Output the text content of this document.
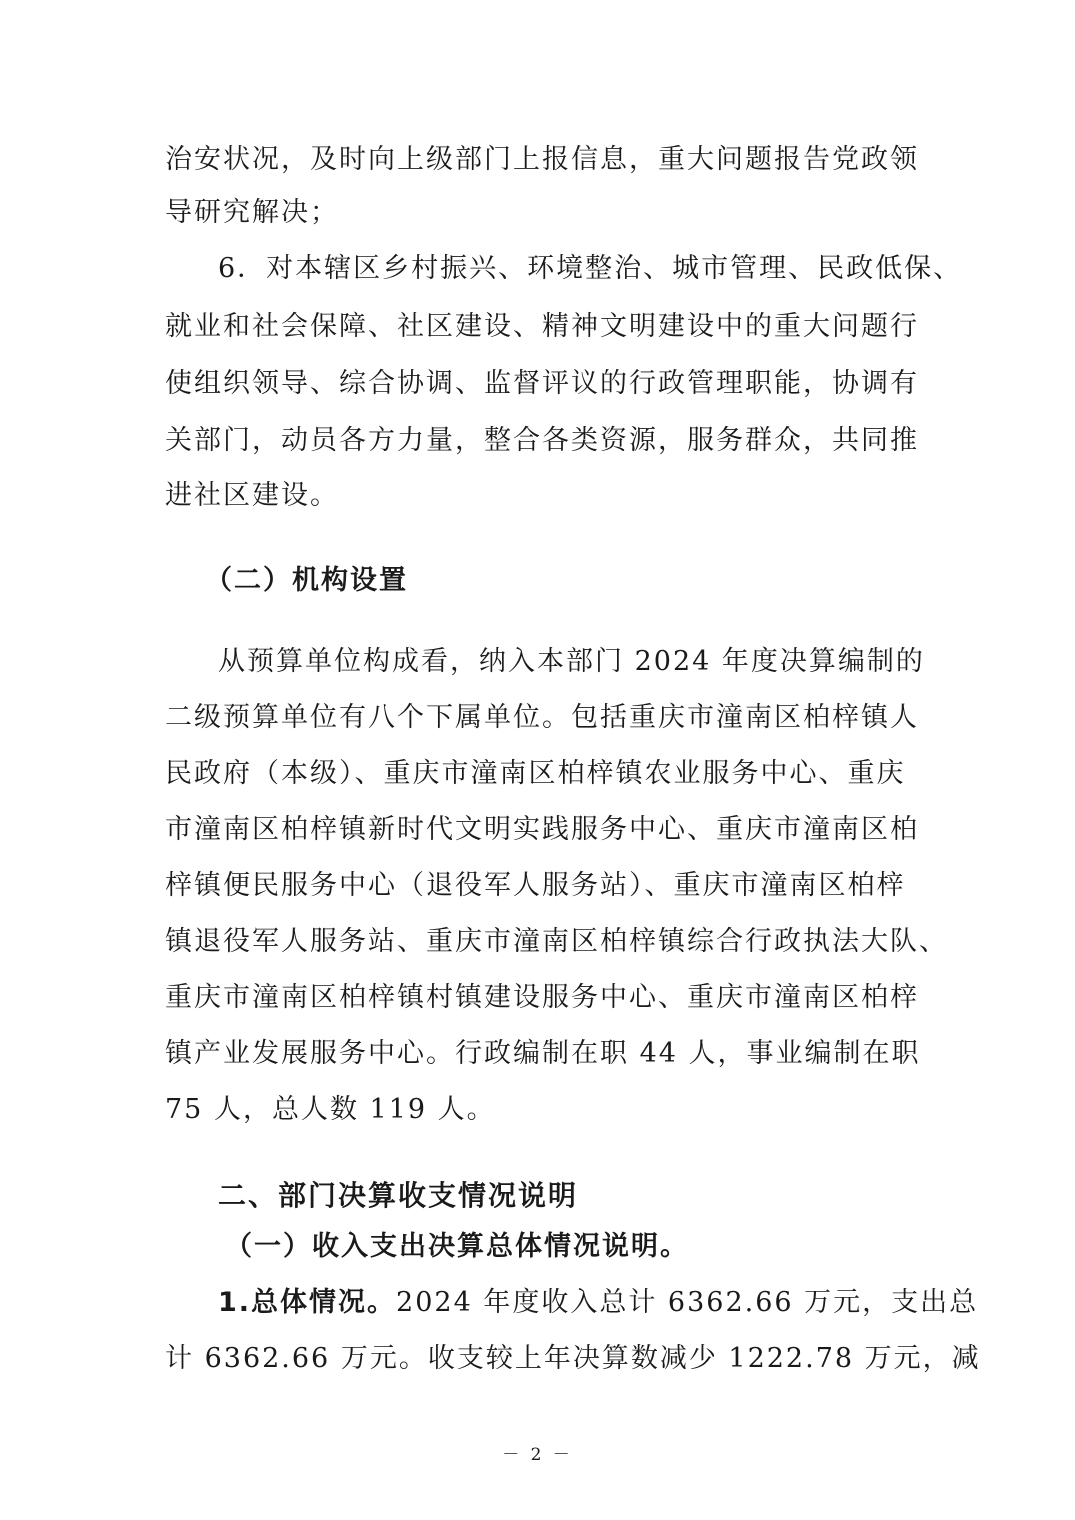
治安状况，及时向上级部门上报信息，重大问题报告党政领
导研究解决；
6．对本辖区乡村振兴、环境整治、城市管理、民政低保、
就业和社会保障、社区建设、精神文明建设中的重大问题行
使组织领导、综合协调、监督评议的行政管理职能，协调有
关部门，动员各方力量，整合各类资源，服务群众，共同推
进社区建设。
（二）机构设置
从预算单位构成看，纳入本部门 2024 年度决算编制的
二级预算单位有八个下属单位。包括重庆市潼南区柏梓镇人
民政府（本级）、重庆市潼南区柏梓镇农业服务中心、重庆
市潼南区柏梓镇新时代文明实践服务中心、重庆市潼南区柏
梓镇便民服务中心（退役军人服务站）、重庆市潼南区柏梓
镇退役军人服务站、重庆市潼南区柏梓镇综合行政执法大队、
重庆市潼南区柏梓镇村镇建设服务中心、重庆市潼南区柏梓
镇产业发展服务中心。行政编制在职 44 人，事业编制在职
75 人，总人数 119 人。
二、部门决算收支情况说明
（一）收入支出决算总体情况说明。
1.总体情况。2024 年度收入总计 6362.66 万元，支出总
计 6362.66 万元。收支较上年决算数减少 1222.78 万元，减
－ 2 －
